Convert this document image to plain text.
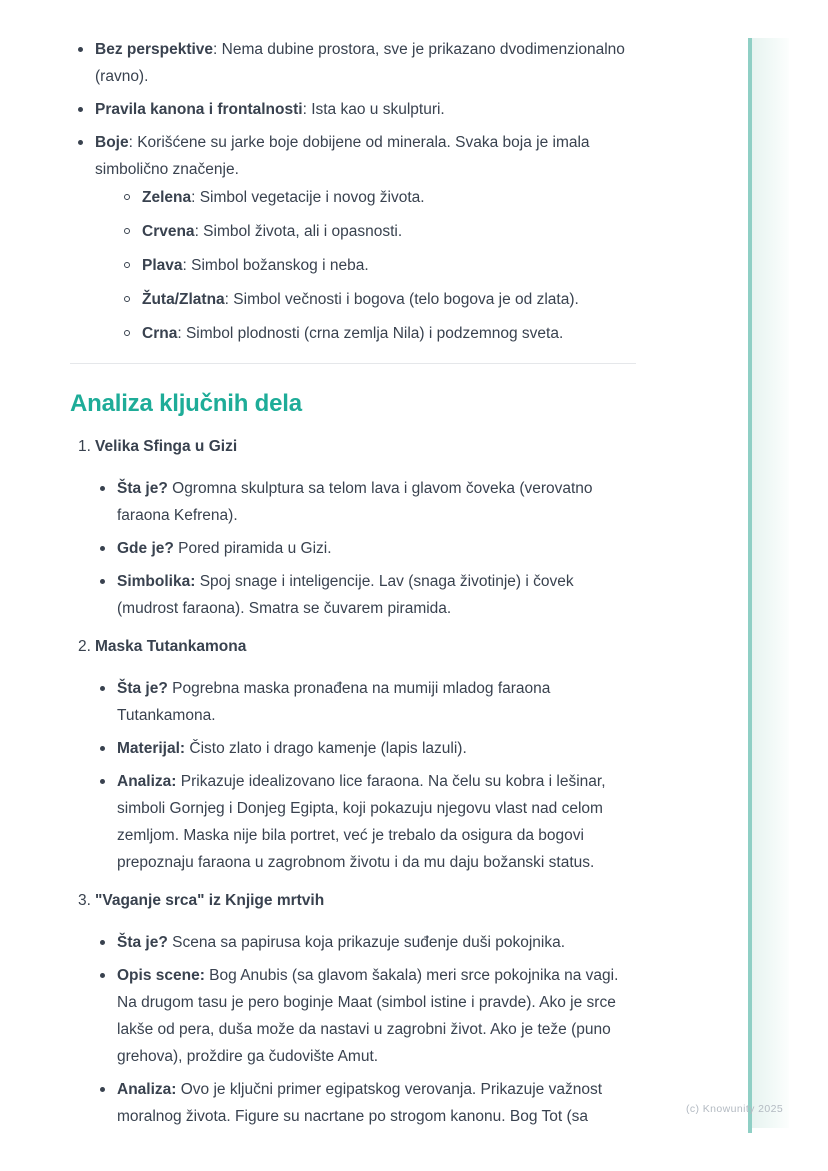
Bez perspektive: Nema dubine prostora, sve je prikazano dvodimenzionalno (ravno).
Pravila kanona i frontalnosti: Ista kao u skulpturi.
Boje: Korišćene su jarke boje dobijene od minerala. Svaka boja je imala simbolično značenje.
Zelena: Simbol vegetacije i novog života.
Crvena: Simbol života, ali i opasnosti.
Plava: Simbol božanskog i neba.
Žuta/Zlatna: Simbol večnosti i bogova (telo bogova je od zlata).
Crna: Simbol plodnosti (crna zemlja Nila) i podzemnog sveta.
Analiza ključnih dela
1. Velika Sfinga u Gizi
Šta je? Ogromna skulptura sa telom lava i glavom čoveka (verovatno faraona Kefrena).
Gde je? Pored piramida u Gizi.
Simbolika: Spoj snage i inteligencije. Lav (snaga životinje) i čovek (mudrost faraona). Smatra se čuvarem piramida.
2. Maska Tutankamona
Šta je? Pogrebna maska pronađena na mumiji mladog faraona Tutankamona.
Materijal: Čisto zlato i drago kamenje (lapis lazuli).
Analiza: Prikazuje idealizovano lice faraona. Na čelu su kobra i lešinar, simboli Gornjeg i Donjeg Egipta, koji pokazuju njegovu vlast nad celom zemljom. Maska nije bila portret, već je trebalo da osigura da bogovi prepoznaju faraona u zagrobnom životu i da mu daju božanski status.
3. "Vaganje srca" iz Knjige mrtvih
Šta je? Scena sa papirusa koja prikazuje suđenje duši pokojnika.
Opis scene: Bog Anubis (sa glavom šakala) meri srce pokojnika na vagi. Na drugom tasu je pero boginje Maat (simbol istine i pravde). Ako je srce lakše od pera, duša može da nastavi u zagrobni život. Ako je teže (puno grehova), proždire ga čudovište Amut.
Analiza: Ovo je ključni primer egipatskog verovanja. Prikazuje važnost moralnog života. Figure su nacrtane po strogom kanonu. Bog Tot (sa	(c) Knowunity 2025
